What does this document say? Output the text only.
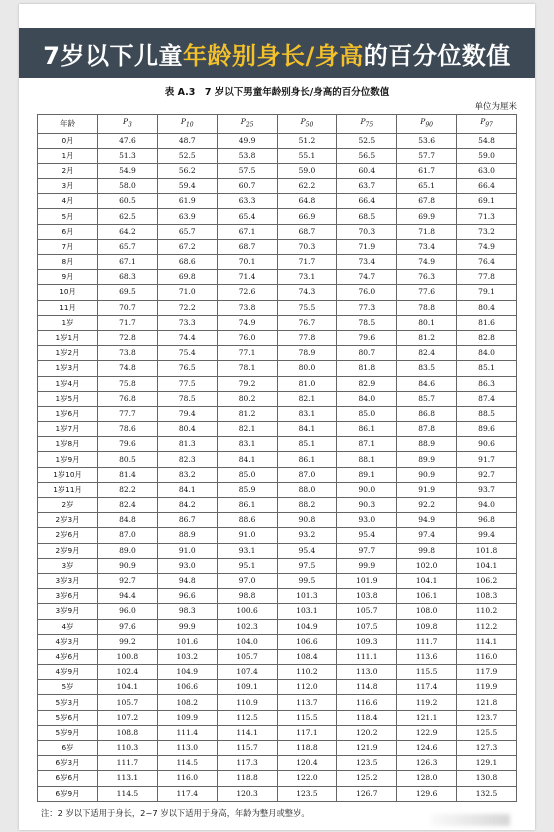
7岁以下儿童 年龄别身长/身高 的百分位数值
表 A.3　7 岁以下男童年龄别身长/身高的百分位数值
单位为厘米
年龄	$P_3$	$P_{10}$	$P_{25}$	$P_{50}$	$P_{75}$	$P_{90}$	$P_{97}$
0月	47.6	48.7	49.9	51.2	52.5	53.6	54.8
1月	51.3	52.5	53.8	55.1	56.5	57.7	59.0
2月	54.9	56.2	57.5	59.0	60.4	61.7	63.0
3月	58.0	59.4	60.7	62.2	63.7	65.1	66.4
4月	60.5	61.9	63.3	64.8	66.4	67.8	69.1
5月	62.5	63.9	65.4	66.9	68.5	69.9	71.3
6月	64.2	65.7	67.1	68.7	70.3	71.8	73.2
7月	65.7	67.2	68.7	70.3	71.9	73.4	74.9
8月	67.1	68.6	70.1	71.7	73.4	74.9	76.4
9月	68.3	69.8	71.4	73.1	74.7	76.3	77.8
10月	69.5	71.0	72.6	74.3	76.0	77.6	79.1
11月	70.7	72.2	73.8	75.5	77.3	78.8	80.4
1岁	71.7	73.3	74.9	76.7	78.5	80.1	81.6
1岁1月	72.8	74.4	76.0	77.8	79.6	81.2	82.8
1岁2月	73.8	75.4	77.1	78.9	80.7	82.4	84.0
1岁3月	74.8	76.5	78.1	80.0	81.8	83.5	85.1
1岁4月	75.8	77.5	79.2	81.0	82.9	84.6	86.3
1岁5月	76.8	78.5	80.2	82.1	84.0	85.7	87.4
1岁6月	77.7	79.4	81.2	83.1	85.0	86.8	88.5
1岁7月	78.6	80.4	82.1	84.1	86.1	87.8	89.6
1岁8月	79.6	81.3	83.1	85.1	87.1	88.9	90.6
1岁9月	80.5	82.3	84.1	86.1	88.1	89.9	91.7
1岁10月	81.4	83.2	85.0	87.0	89.1	90.9	92.7
1岁11月	82.2	84.1	85.9	88.0	90.0	91.9	93.7
2岁	82.4	84.2	86.1	88.2	90.3	92.2	94.0
2岁3月	84.8	86.7	88.6	90.8	93.0	94.9	96.8
2岁6月	87.0	88.9	91.0	93.2	95.4	97.4	99.4
2岁9月	89.0	91.0	93.1	95.4	97.7	99.8	101.8
3岁	90.9	93.0	95.1	97.5	99.9	102.0	104.1
3岁3月	92.7	94.8	97.0	99.5	101.9	104.1	106.2
3岁6月	94.4	96.6	98.8	101.3	103.8	106.1	108.3
3岁9月	96.0	98.3	100.6	103.1	105.7	108.0	110.2
4岁	97.6	99.9	102.3	104.9	107.5	109.8	112.2
4岁3月	99.2	101.6	104.0	106.6	109.3	111.7	114.1
4岁6月	100.8	103.2	105.7	108.4	111.1	113.6	116.0
4岁9月	102.4	104.9	107.4	110.2	113.0	115.5	117.9
5岁	104.1	106.6	109.1	112.0	114.8	117.4	119.9
5岁3月	105.7	108.2	110.9	113.7	116.6	119.2	121.8
5岁6月	107.2	109.9	112.5	115.5	118.4	121.1	123.7
5岁9月	108.8	111.4	114.1	117.1	120.2	122.9	125.5
6岁	110.3	113.0	115.7	118.8	121.9	124.6	127.3
6岁3月	111.7	114.5	117.3	120.4	123.5	126.3	129.1
6岁6月	113.1	116.0	118.8	122.0	125.2	128.0	130.8
6岁9月	114.5	117.4	120.3	123.5	126.7	129.6	132.5
注：2 岁以下适用于身长，2~7 岁以下适用于身高，年龄为整月或整岁。
